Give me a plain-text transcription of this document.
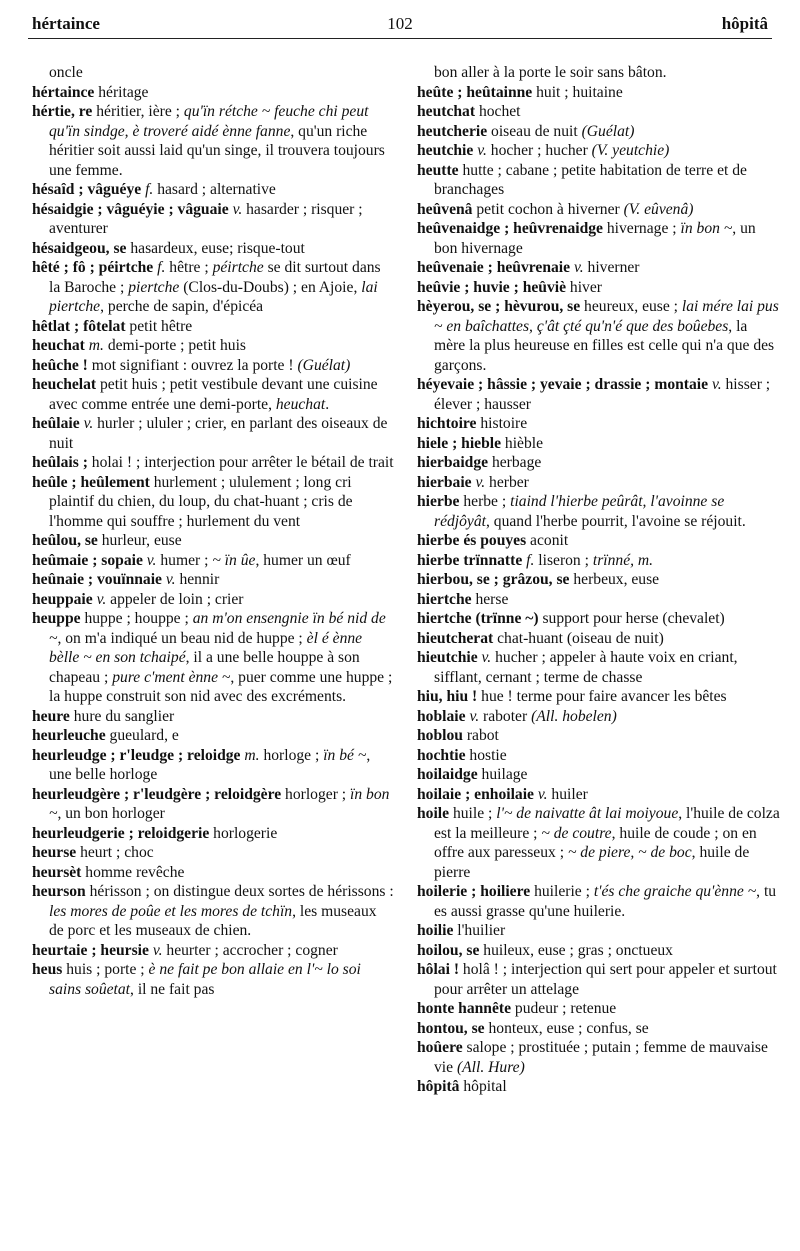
hértaince	102	hôpitâ

oncle

hértaince héritage

hértie, re héritier, ière ; qu'ïn rétche ~ feuche chi peut qu'ïn sindge, è troveré aidé ènne fanne, qu'un riche héritier soit aussi laid qu'un singe, il trouvera toujours une femme.

hésaîd ; vâguéye f. hasard ; alternative

hésaidgie ; vâguéyie ; vâguaie v. hasarder ; risquer ; aventurer

hésaidgeou, se hasardeux, euse; risque-tout

hêté ; fô ; péirtche f. hêtre ; péirtche se dit surtout dans la Baroche ; piertche (Clos-du-Doubs) ; en Ajoie, lai piertche, perche de sapin, d'épicéa

hêtlat ; fôtelat petit hêtre

heuchat m. demi-porte ; petit huis

heûche ! mot signifiant : ouvrez la porte ! (Guélat)

heuchelat petit huis ; petit vestibule devant une cuisine avec comme entrée une demi-porte, heuchat.

heûlaie v. hurler ; ululer ; crier, en parlant des oiseaux de nuit

heûlais ; holai ! ; interjection pour arrêter le bétail de trait

heûle ; heûlement hurlement ; ululement ; long cri plaintif du chien, du loup, du chat-huant ; cris de l'homme qui souffre ; hurlement du vent

heûlou, se hurleur, euse

heûmaie ; sopaie v. humer ; ~ ïn ûe, humer un œuf

heûnaie ; vouïnnaie v. hennir

heuppaie v. appeler de loin ; crier

heuppe huppe ; houppe ; an m'on ensengnie ïn bé nid de ~, on m'a indiqué un beau nid de huppe ; èl é ènne bèlle ~ en son tchaipé, il a une belle houppe à son chapeau ; pure c'ment ènne ~, puer comme une huppe ; la huppe construit son nid avec des excréments.

heure hure du sanglier

heurleuche gueulard, e

heurleudge ; r'leudge ; reloidge m. horloge ; ïn bé ~, une belle horloge

heurleudgère ; r'leudgère ; reloidgère horloger ; ïn bon ~, un bon horloger

heurleudgerie ; reloidgerie horlogerie

heurse heurt ; choc

heursèt homme revêche

heurson hérisson ; on distingue deux sortes de hérissons : les mores de poûe et les mores de tchïn, les museaux de porc et les museaux de chien.

heurtaie ; heursie v. heurter ; accrocher ; cogner

heus huis ; porte ; è ne fait pe bon allaie en l'~ lo soi sains soûetat, il ne fait pas

bon aller à la porte le soir sans bâton.

heûte ; heûtainne huit ; huitaine

heutchat hochet

heutcherie oiseau de nuit (Guélat)

heutchie v. hocher ; hucher (V. yeutchie)

heutte hutte ; cabane ; petite habitation de terre et de branchages

heûvenâ petit cochon à hiverner (V. eûvenâ)

heûvenaidge ; heûvrenaidge hivernage ; ïn bon ~, un bon hivernage

heûvenaie ; heûvrenaie v. hiverner

heûvie ; huvie ; heûviè hiver

hèyerou, se ; hèvurou, se heureux, euse ; lai mére lai pus ~ en baîchattes, ç'ât çté qu'n'é que des boûebes, la mère la plus heureuse en filles est celle qui n'a que des garçons.

héyevaie ; hâssie ; yevaie ; drassie ; montaie v. hisser ; élever ; hausser

hichtoire histoire

hiele ; hieble hièble

hierbaidge herbage

hierbaie v. herber

hierbe herbe ; tiaind l'hierbe peûrât, l'avoinne se rédjôyât, quand l'herbe pourrit, l'avoine se réjouit.

hierbe és pouyes aconit

hierbe trïnnatte f. liseron ; trïnné, m.

hierbou, se ; grâzou, se herbeux, euse

hiertche herse

hiertche (trïnne ~) support pour herse (chevalet)

hieutcherat chat-huant (oiseau de nuit)

hieutchie v. hucher ; appeler à haute voix en criant, sifflant, cernant ; terme de chasse

hiu, hiu ! hue ! terme pour faire avancer les bêtes

hoblaie v. raboter (All. hobelen)

hoblou rabot

hochtie hostie

hoilaidge huilage

hoilaie ; enhoilaie v. huiler

hoile huile ; l'~ de naivatte ât lai moiyoue, l'huile de colza est la meilleure ; ~ de coutre, huile de coude ; on en offre aux paresseux ; ~ de piere, ~ de boc, huile de pierre

hoilerie ; hoiliere huilerie ; t'és che graiche qu'ènne ~, tu es aussi grasse qu'une huilerie.

hoilie l'huilier

hoilou, se huileux, euse ; gras ; onctueux

hôlai ! holâ ! ; interjection qui sert pour appeler et surtout pour arrêter un attelage

honte hannête pudeur ; retenue

hontou, se honteux, euse ; confus, se

hoûere salope ; prostituée ; putain ; femme de mauvaise vie (All. Hure)

hôpitâ hôpital
